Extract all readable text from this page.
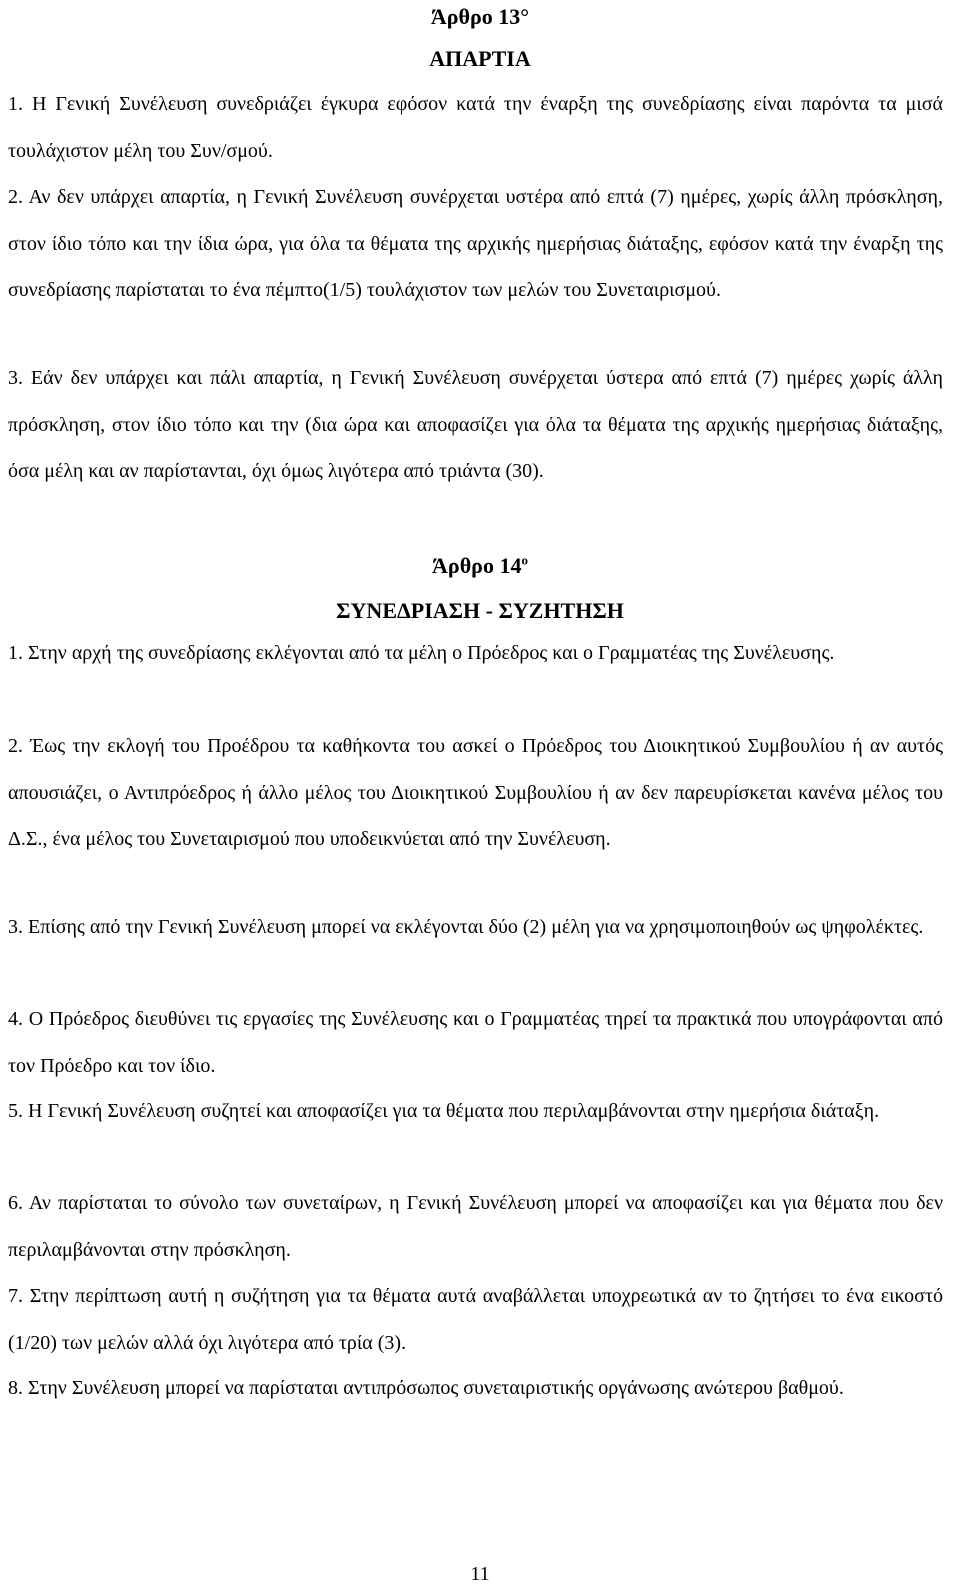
Άρθρο 13°
ΑΠΑΡΤΙΑ

1. Η Γενική Συνέλευση συνεδριάζει έγκυρα εφόσον κατά την έναρξη της συνεδρίασης είναι παρόντα τα μισά τουλάχιστον μέλη του Συν/σμού.

2. Αν δεν υπάρχει απαρτία, η Γενική Συνέλευση συνέρχεται υστέρα από επτά (7) ημέρες, χωρίς άλλη πρόσκληση, στον ίδιο τόπο και την ίδια ώρα, για όλα τα θέματα της αρχικής ημερήσιας διάταξης, εφόσον κατά την έναρξη της συνεδρίασης παρίσταται το ένα πέμπτο(1/5) τουλάχιστον των μελών του Συνεταιρισμού.

3. Εάν δεν υπάρχει και πάλι απαρτία, η Γενική Συνέλευση συνέρχεται ύστερα από επτά (7) ημέρες χωρίς άλλη πρόσκληση, στον ίδιο τόπο και την (δια ώρα και αποφασίζει για όλα τα θέματα της αρχικής ημερήσιας διάταξης, όσα μέλη και αν παρίστανται, όχι όμως λιγότερα από τριάντα (30).

Άρθρο $14^o$
ΣΥΝΕΔΡΙΑΣΗ - ΣΥΖΗΤΗΣΗ

1. Στην αρχή της συνεδρίασης εκλέγονται από τα μέλη ο Πρόεδρος και ο Γραμματέας της Συνέλευσης.

2. Έως την εκλογή του Προέδρου τα καθήκοντα του ασκεί ο Πρόεδρος του Διοικητικού Συμβουλίου ή αν αυτός απουσιάζει, ο Αντιπρόεδρος ή άλλο μέλος του Διοικητικού Συμβουλίου ή αν δεν παρευρίσκεται κανένα μέλος του Δ.Σ., ένα μέλος του Συνεταιρισμού που υποδεικνύεται από την Συνέλευση.

3. Επίσης από την Γενική Συνέλευση μπορεί να εκλέγονται δύο (2) μέλη για να χρησιμοποιηθούν ως ψηφολέκτες.

4. Ο Πρόεδρος διευθύνει τις εργασίες της Συνέλευσης και ο Γραμματέας τηρεί τα πρακτικά που υπογράφονται από τον Πρόεδρο και τον ίδιο.

5. Η Γενική Συνέλευση συζητεί και αποφασίζει για τα θέματα που περιλαμβάνονται στην ημερήσια διάταξη.

6. Αν παρίσταται το σύνολο των συνεταίρων, η Γενική Συνέλευση μπορεί να αποφασίζει και για θέματα που δεν περιλαμβάνονται στην πρόσκληση.

7. Στην περίπτωση αυτή η συζήτηση για τα θέματα αυτά αναβάλλεται υποχρεωτικά αν το ζητήσει το ένα εικοστό (1/20) των μελών αλλά όχι λιγότερα από τρία (3).

8. Στην Συνέλευση μπορεί να παρίσταται αντιπρόσωπος συνεταιριστικής οργάνωσης ανώτερου βαθμού.

11
